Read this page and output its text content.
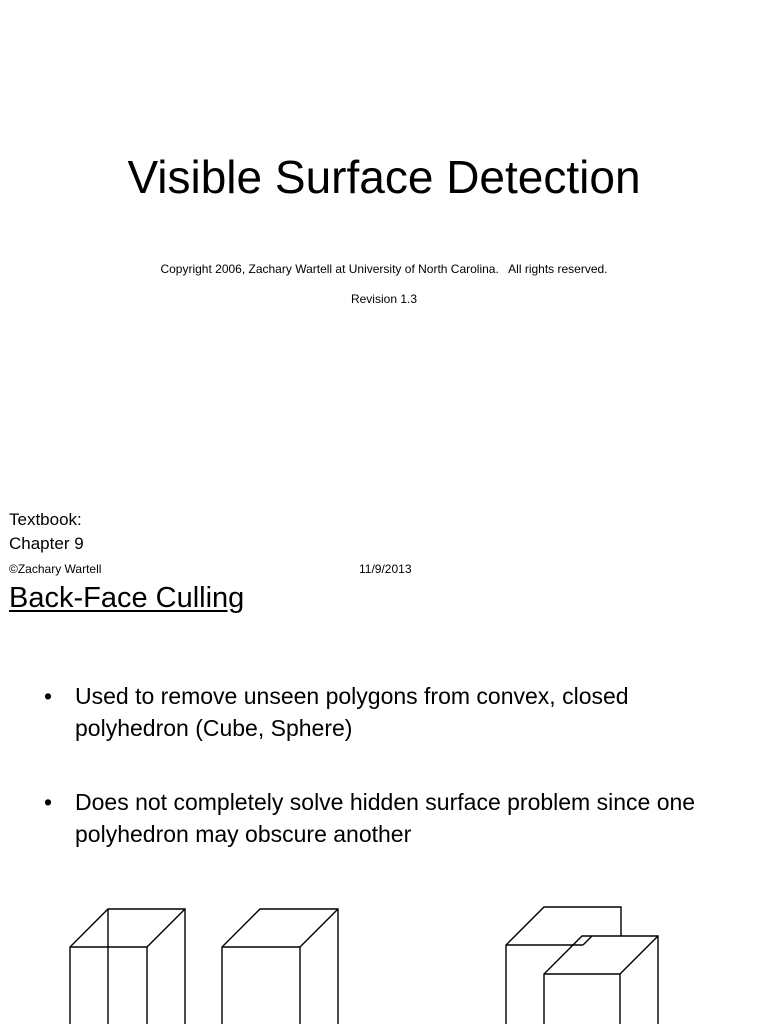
Visible Surface Detection
Copyright 2006, Zachary Wartell at University of North Carolina.   All rights reserved.
Revision 1.3
Textbook:
Chapter 9
©Zachary Wartell	11/9/2013
Back-Face Culling
• Used to remove unseen polygons from convex, closed polyhedron (Cube, Sphere)
• Does not completely solve hidden surface problem since one polyhedron may obscure another
